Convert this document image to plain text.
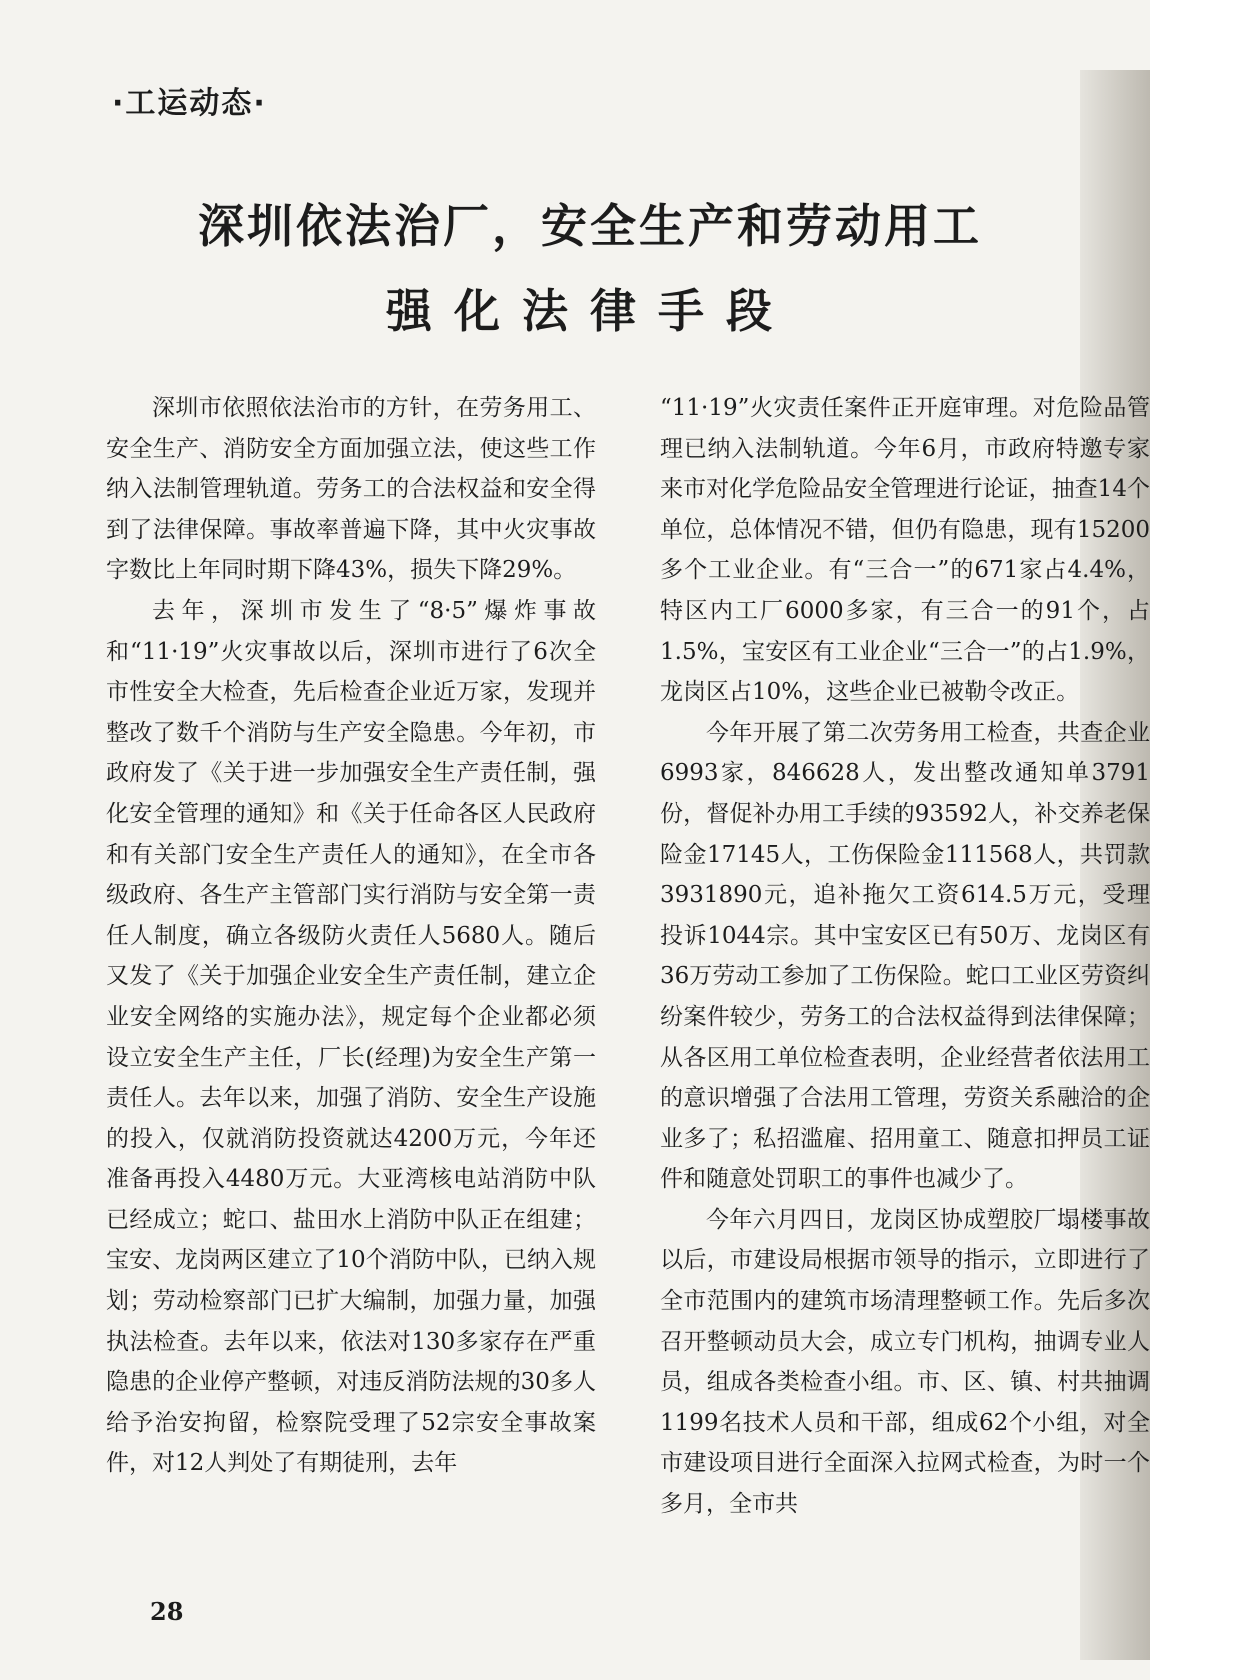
·工运动态·
深圳依法治厂，安全生产和劳动用工
强化法律手段

深圳市依照依法治市的方针，在劳务用工、安全生产、消防安全方面加强立法，使这些工作纳入法制管理轨道。劳务工的合法权益和安全得到了法律保障。事故率普遍下降，其中火灾事故字数比上年同时期下降43%，损失下降29%。

去年，深圳市发生了“8·5”爆炸事故和“11·19”火灾事故以后，深圳市进行了6次全市性安全大检查，先后检查企业近万家，发现并整改了数千个消防与生产安全隐患。今年初，市政府发了《关于进一步加强安全生产责任制，强化安全管理的通知》和《关于任命各区人民政府和有关部门安全生产责任人的通知》，在全市各级政府、各生产主管部门实行消防与安全第一责任人制度，确立各级防火责任人5680人。随后又发了《关于加强企业安全生产责任制，建立企业安全网络的实施办法》，规定每个企业都必须设立安全生产主任，厂长(经理)为安全生产第一责任人。去年以来，加强了消防、安全生产设施的投入，仅就消防投资就达4200万元，今年还准备再投入4480万元。大亚湾核电站消防中队已经成立；蛇口、盐田水上消防中队正在组建；宝安、龙岗两区建立了10个消防中队，已纳入规划；劳动检察部门已扩大编制，加强力量，加强执法检查。去年以来，依法对130多家存在严重隐患的企业停产整顿，对违反消防法规的30多人给予治安拘留，检察院受理了52宗安全事故案件，对12人判处了有期徒刑，去年

“11·19”火灾责任案件正开庭审理。对危险品管理已纳入法制轨道。今年6月，市政府特邀专家来市对化学危险品安全管理进行论证，抽查14个单位，总体情况不错，但仍有隐患，现有15200多个工业企业。有“三合一”的671家占4.4%，特区内工厂6000多家，有三合一的91个，占1.5%，宝安区有工业企业“三合一”的占1.9%，龙岗区占10%，这些企业已被勒令改正。

今年开展了第二次劳务用工检查，共查企业6993家，846628人，发出整改通知单3791份，督促补办用工手续的93592人，补交养老保险金17145人，工伤保险金111568人，共罚款3931890元，追补拖欠工资614.5万元，受理投诉1044宗。其中宝安区已有50万、龙岗区有36万劳动工参加了工伤保险。蛇口工业区劳资纠纷案件较少，劳务工的合法权益得到法律保障；从各区用工单位检查表明，企业经营者依法用工的意识增强了合法用工管理，劳资关系融洽的企业多了；私招滥雇、招用童工、随意扣押员工证件和随意处罚职工的事件也减少了。

今年六月四日，龙岗区协成塑胶厂塌楼事故以后，市建设局根据市领导的指示，立即进行了全市范围内的建筑市场清理整顿工作。先后多次召开整顿动员大会，成立专门机构，抽调专业人员，组成各类检查小组。市、区、镇、村共抽调1199名技术人员和干部，组成62个小组，对全市建设项目进行全面深入拉网式检查，为时一个多月，全市共

28
